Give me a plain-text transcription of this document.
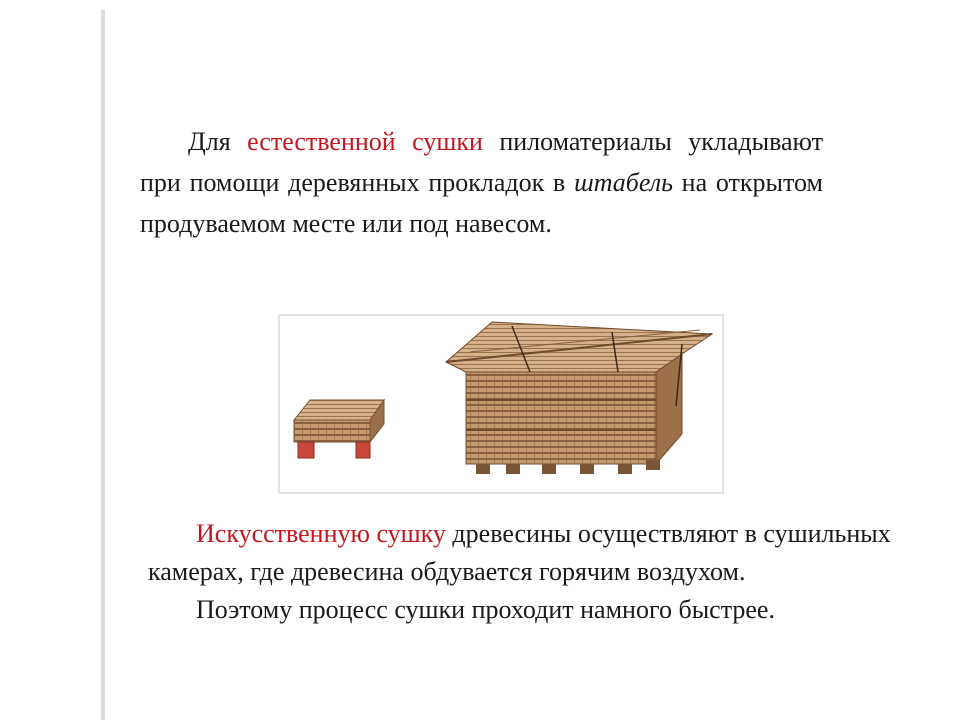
Для естественной сушки пиломатериалы укладывают при помощи деревянных прокладок в штабель на открытом продуваемом месте или под навесом.

Искусственную сушку древесины осуществляют в сушильных камерах, где древесина обдувается горячим воздухом.

Поэтому процесс сушки проходит намного быстрее.
